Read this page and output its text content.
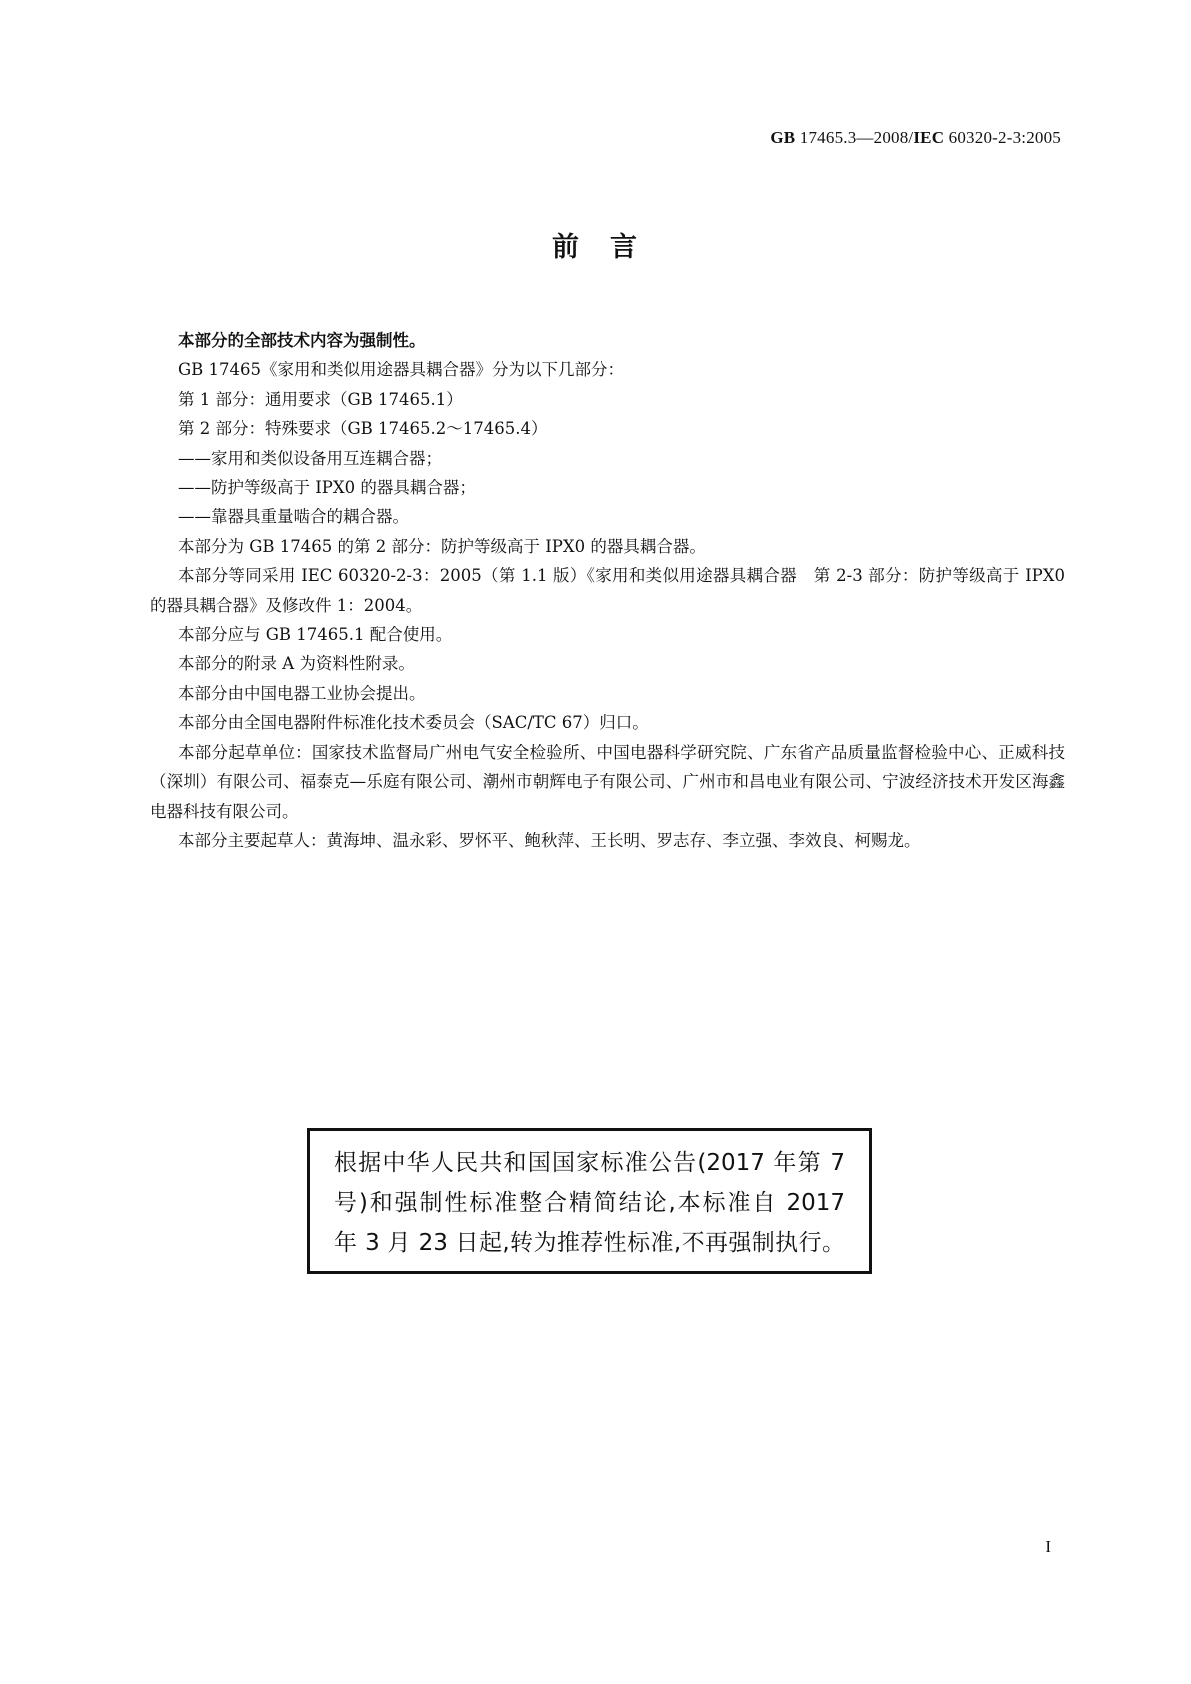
GB 17465.3—2008/IEC 60320-2-3:2005
前　言

本部分的全部技术内容为强制性。

GB 17465《家用和类似用途器具耦合器》分为以下几部分：

第 1 部分：通用要求（GB 17465.1）

第 2 部分：特殊要求（GB 17465.2～17465.4）

——家用和类似设备用互连耦合器；

——防护等级高于 IPX0 的器具耦合器；

——靠器具重量啮合的耦合器。

本部分为 GB 17465 的第 2 部分：防护等级高于 IPX0 的器具耦合器。

本部分等同采用 IEC 60320-2-3：2005（第 1.1 版）《家用和类似用途器具耦合器　第 2-3 部分：防护等级高于 IPX0 的器具耦合器》及修改件 1：2004。

本部分应与 GB 17465.1 配合使用。

本部分的附录 A 为资料性附录。

本部分由中国电器工业协会提出。

本部分由全国电器附件标准化技术委员会（SAC/TC 67）归口。

本部分起草单位：国家技术监督局广州电气安全检验所、中国电器科学研究院、广东省产品质量监督检验中心、正威科技（深圳）有限公司、福泰克—乐庭有限公司、潮州市朝辉电子有限公司、广州市和昌电业有限公司、宁波经济技术开发区海鑫电器科技有限公司。

本部分主要起草人：黄海坤、温永彩、罗怀平、鲍秋萍、王长明、罗志存、李立强、李效良、柯赐龙。

根据中华人民共和国国家标准公告(2017 年第 7
号)和强制性标准整合精简结论,本标准自 2017
年 3 月 23 日起,转为推荐性标准,不再强制执行。
I
